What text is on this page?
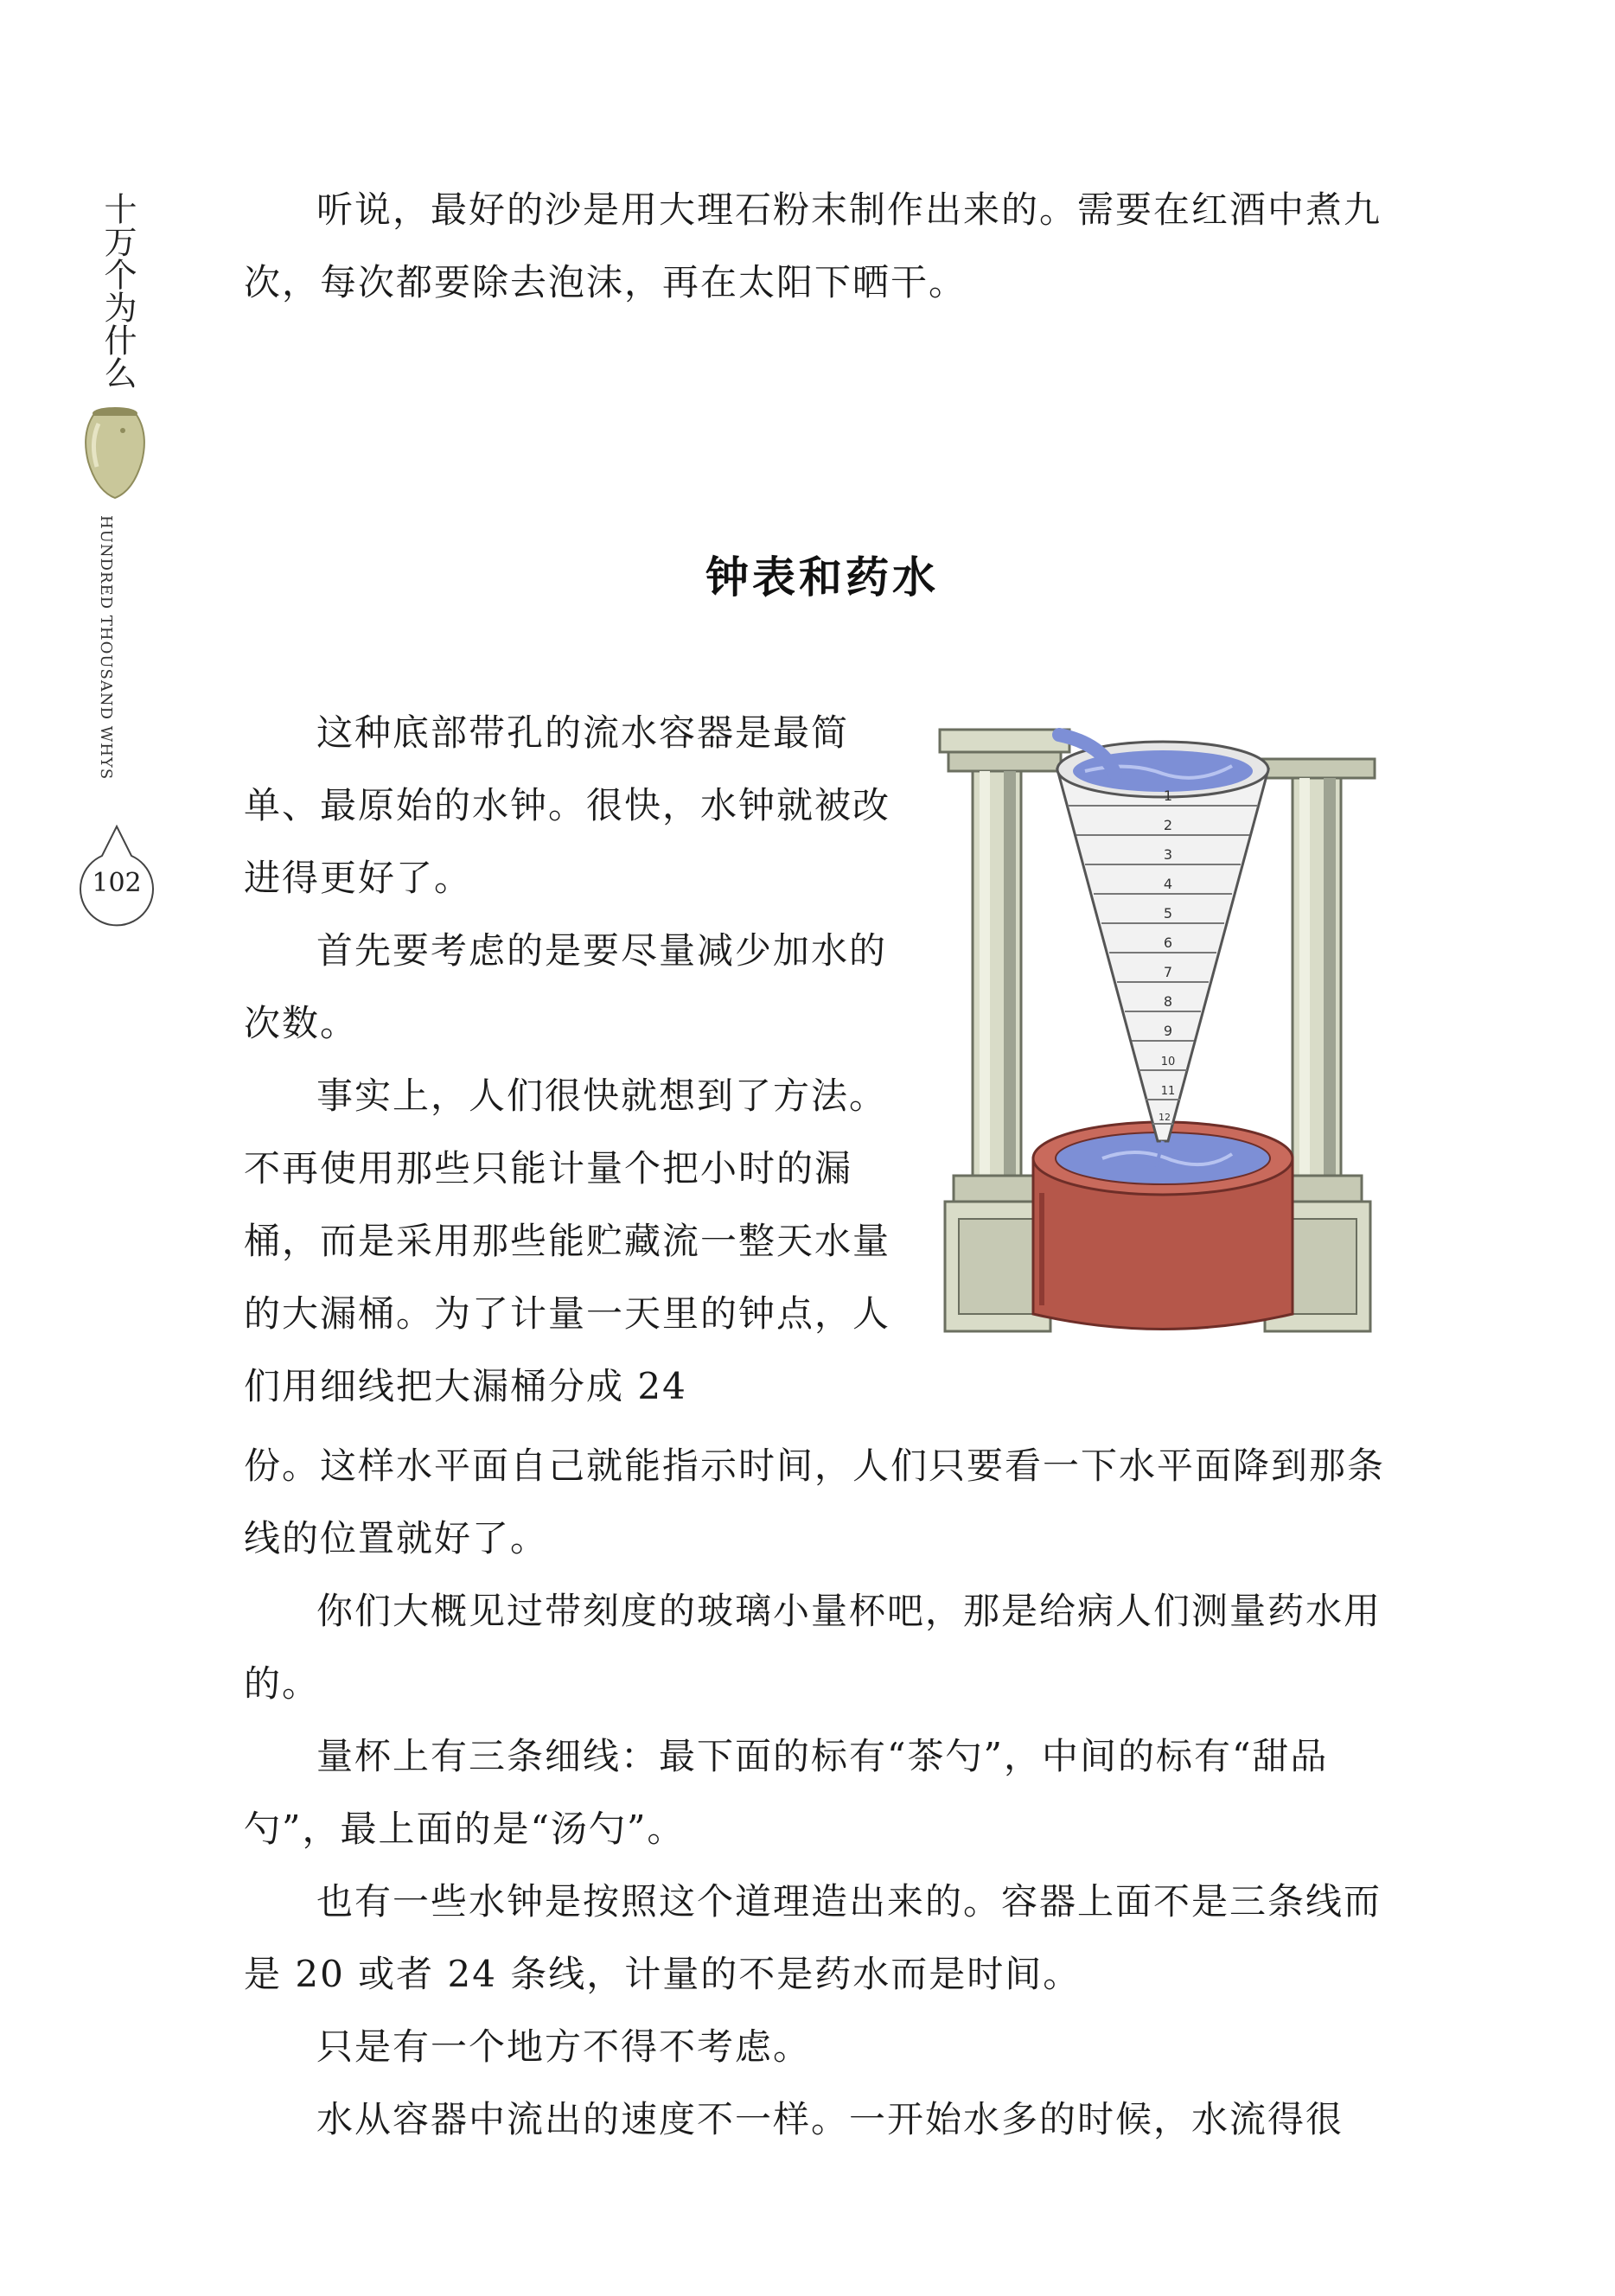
十万个为什么
HUNDRED THOUSAND WHYS
102

听说，最好的沙是用大理石粉末制作出来的。需要在红酒中煮九次，每次都要除去泡沫，再在太阳下晒干。

钟表和药水

这种底部带孔的流水容器是最简单、最原始的水钟。很快，水钟就被改进得更好了。

首先要考虑的是要尽量减少加水的次数。

事实上，人们很快就想到了方法。不再使用那些只能计量个把小时的漏桶，而是采用那些能贮藏流一整天水量的大漏桶。为了计量一天里的钟点，人们用细线把大漏桶分成 24

1
2
3
4
5
6
7
8
9
10
11
12

份。这样水平面自己就能指示时间，人们只要看一下水平面降到那条线的位置就好了。

你们大概见过带刻度的玻璃小量杯吧，那是给病人们测量药水用的。

量杯上有三条细线：最下面的标有“茶勺”，中间的标有“甜品勺”，最上面的是“汤勺”。

也有一些水钟是按照这个道理造出来的。容器上面不是三条线而是 20 或者 24 条线，计量的不是药水而是时间。

只是有一个地方不得不考虑。

水从容器中流出的速度不一样。一开始水多的时候，水流得很
